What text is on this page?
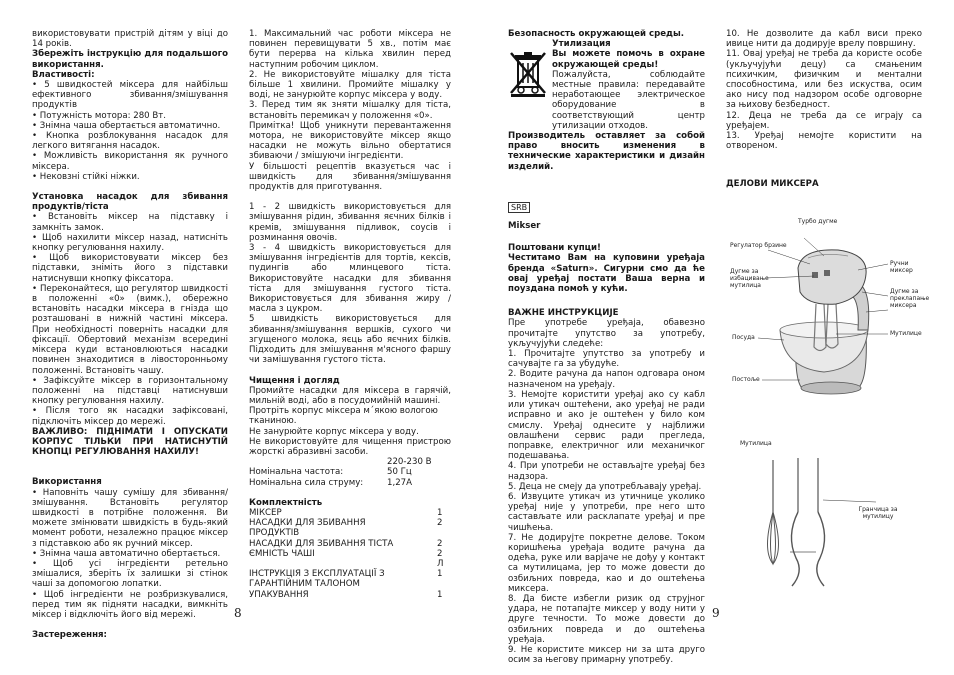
використовувати пристрій дітям у віці до 14 років.

Збережіть інструкцію для подальшого використання.

Властивості:

• 5 швидкостей міксера для найбільш ефективного збивання/змішування продуктів

• Потужність мотора: 280 Вт.

• Знімна чаша обертається автоматично.

• Кнопка розблокування насадок для легкого витягання насадок.

• Можливість використання як ручного міксера.

• Нековзні стійкі ніжки.

Установка насадок для збивання продуктів/тіста

• Встановіть міксер на підставку і замкніть замок.

• Щоб нахилити міксер назад, натисніть кнопку регулювання нахилу.

• Щоб використовувати міксер без підставки, зніміть його з підставки натиснувши кнопку фіксатора.

• Переконайтеся, що регулятор швидкості в положенні «0» (вимк.), обережно встановіть насадки міксера в гнізда що розташовані в нижній частині міксера. При необхідності поверніть насадки для фіксації. Обертовий механізм всередині міксера куди встановлюються насадки повинен знаходитися в лівосторонньому положенні. Встановіть чашу.

• Зафіксуйте міксер в горизонтальному положенні на підставці натиснувши кнопку регулювання нахилу.

• Після того як насадки зафіксовані, підключіть міксер до мережі.

ВАЖЛИВО: ПІДНІМАТИ І ОПУСКАТИ КОРПУС ТІЛЬКИ ПРИ НАТИСНУТІЙ КНОПЦІ РЕГУЛЮВАННЯ НАХИЛУ!

Використання

• Наповніть чашу сумішу для збивання/змішування. Встановіть регулятор швидкості в потрібне положення. Ви можете змінювати швидкість в будь-який момент роботи, незалежно працює міксер з підставкою або як ручний міксер.

• Знімна чаша автоматично обертається.

• Щоб усі інгредієнти ретельно змішалися, зберіть їх залишки зі стінок чаші за допомогою лопатки.

• Щоб інгредієнти не розбризкувалися, перед тим як підняти насадки, вимкніть міксер і відключіть його від мережі.

Застереження:

1. Максимальний час роботи міксера не повинен перевищувати 5 хв., потім має бути перерва на кілька хвилин перед наступним робочим циклом.

2. Не використовуйте мішалку для тіста більше 1 хвилини. Промийте мішалку у воді, не занурюйте корпус міксера у воду.

3. Перед тим як зняти мішалку для тіста, встановіть перемикач у положення «0».

Примітка! Щоб уникнути перевантаження мотора, не використовуйте міксер якщо насадки не можуть вільно обертатися збиваючи / змішуючи інгредієнти.

У більшості рецептів вказується час і швидкість для збивання/змішування продуктів для приготування.

1 - 2 швидкість використовується для змішування рідин, збивання яєчних білків і кремів, змішування підливок, соусів і розминання овочів.

3 - 4 швидкість використовується для змішування інгредієнтів для тортів, кексів, пудингів або млинцевого тіста. Використовуйте насадки для збивання тіста для змішування густого тіста. Використовується для збивання жиру / масла з цукром.

5 швидкість використовується для збивання/змішування вершків, сухого чи згущеного молока, яєць або яєчних білків. Підходить для змішування м'ясного фаршу чи замішування густого тіста.

Чищення і догляд

Промийте насадки для міксера в гарячій, мильній воді, або в посудомийній машині.

Протріть корпус міксера м´якою вологою тканиною.

Не занурюйте корпус міксера у воду.

Не використовуйте для чищення пристрою жорсткі абразивні засоби.

220-230 В
Номінальна частота:	50 Гц
Номінальна сила струму:	1,27А

Комплектність

МІКСЕР	1
НАСАДКИ ДЛЯ ЗБИВАННЯ ПРОДУКТІВ
2
НАСАДКИ ДЛЯ ЗБИВАННЯ ТІСТА	2
ЄМНІСТЬ ЧАШІ	2 Л
ІНСТРУКЦІЯ З ЕКСПЛУАТАЦІЇ З ГАРАНТІЙНИМ ТАЛОНОМ
1
УПАКУВАННЯ	1
8

Безопасность окружающей среды. Утилизация

Вы можете помочь в охране окружающей среды!

Пожалуйста, соблюдайте местные правила: передавайте неработающее электрическое оборудование в соответствующий центр утилизации отходов.

Производитель оставляет за собой право вносить изменения в технические характеристики и дизайн изделий.

SRB

Mikser

Поштовани купци!

Честитамо Вам на куповини уређаја бренда «Saturn». Сигурни смо да ће овај уређај постати Ваша верна и поуздана помоћ у кући.

ВАЖНЕ ИНСТРУКЦИЈЕ

Пре употребе уређаја, обавезно прочитајте упутство за употребу, укључујући следеће:

1. Прочитајте упутство за употребу и сачувајте га за убудуће.

2. Водите рачуна да напон одговара оном назначеном на уређају.

3. Немојте користити уређај ако су кабл или утикач оштећени, ако уређај не ради исправно и ако је оштећен у било ком смислу. Уређај однесите у најближи овлашћени сервис ради прегледа, поправке, електричног или механичког подешавања.

4. При употреби не остављајте уређај без надзора.

5. Деца не смеју да употребљавају уређај.

6. Извуците утикач из утичнице уколико уређај није у употреби, пре него што састављате или расклапате уређај и пре чишћења.

7. Не додирујте покретне делове. Током коришћења уређаја водите рачуна да одећа, руке или варјаче не дођу у контакт са мутилицама, јер то може довести до озбиљних повреда, као и до оштећења миксера.

8. Да бисте избегли ризик од струјног удара, не потапајте миксер у воду нити у друге течности. То може довести до озбиљних повреда и до оштећења уређаја.

9. Не користите миксер ни за шта друго осим за његову примарну употребу.

10. Не дозволите да кабл виси преко ивице нити да додирује врелу површину.

11. Овај уређај не треба да користе особе (укључујући децу) са смањеним психичким, физичким и ментални способностима, или без искуства, осим ако нису под надзором особе одговорне за њихову безбедност.

12. Деца не треба да се играју са уређајем.

13. Уређај немојте користити на отвореном.

ДЕЛОВИ МИКСЕРА

Турбо дугме
Регулатор брзине
Ручни миксер
Дугме за избацивање мутилица
Дугме за преклапање миксера
Мутилице
Посуда
Постоље
Мутилица
Гранчица за мутилицу
9
